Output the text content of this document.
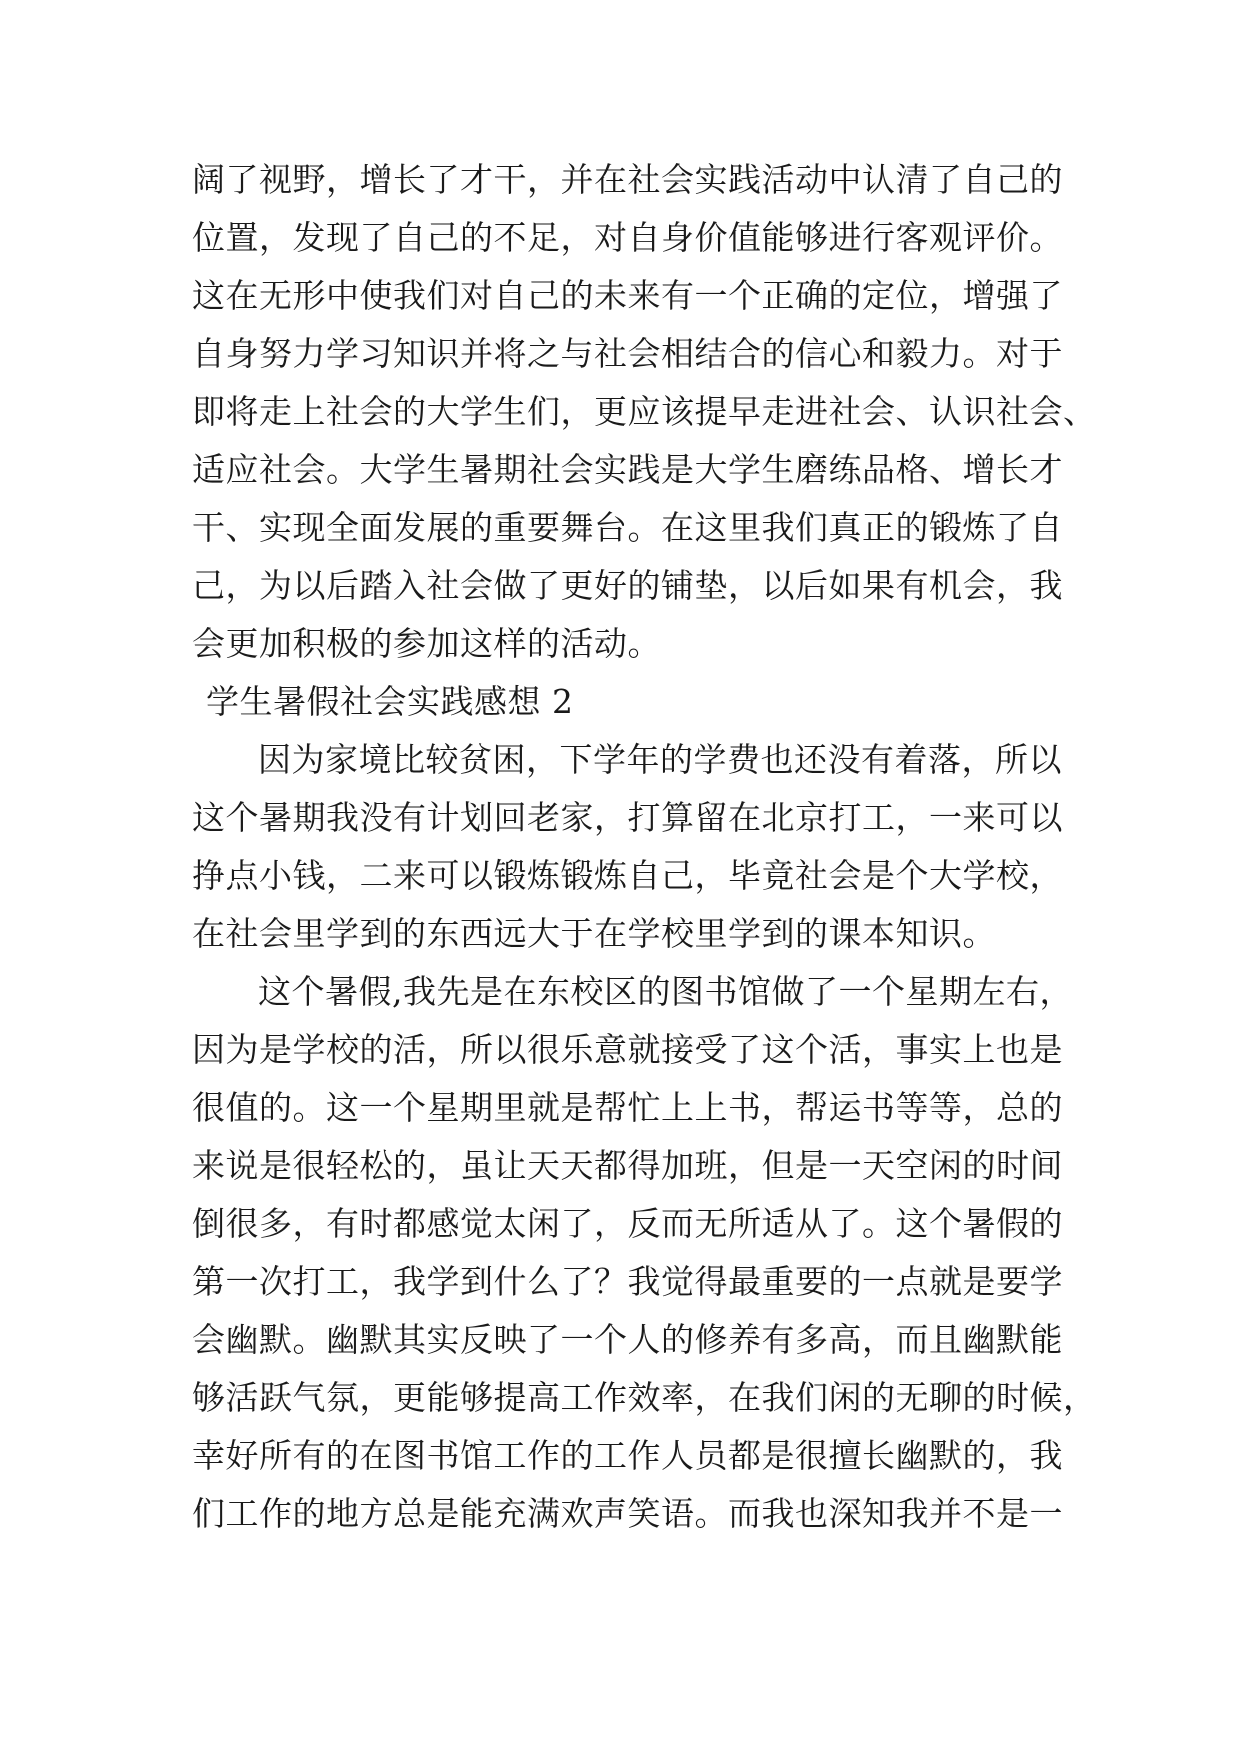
阔了视野，增长了才干，并在社会实践活动中认清了自己的
位置，发现了自己的不足，对自身价值能够进行客观评价。
这在无形中使我们对自己的未来有一个正确的定位，增强了
自身努力学习知识并将之与社会相结合的信心和毅力。对于
即将走上社会的大学生们，更应该提早走进社会、认识社会、
适应社会。大学生暑期社会实践是大学生磨练品格、增长才
干、实现全面发展的重要舞台。在这里我们真正的锻炼了自
己，为以后踏入社会做了更好的铺垫，以后如果有机会，我
会更加积极的参加这样的活动。
学生暑假社会实践感想 2
因为家境比较贫困，下学年的学费也还没有着落，所以
这个暑期我没有计划回老家，打算留在北京打工，一来可以
挣点小钱，二来可以锻炼锻炼自己，毕竟社会是个大学校，
在社会里学到的东西远大于在学校里学到的课本知识。
这个暑假,我先是在东校区的图书馆做了一个星期左右，
因为是学校的活，所以很乐意就接受了这个活，事实上也是
很值的。这一个星期里就是帮忙上上书，帮运书等等，总的
来说是很轻松的，虽让天天都得加班，但是一天空闲的时间
倒很多，有时都感觉太闲了，反而无所适从了。这个暑假的
第一次打工，我学到什么了？我觉得最重要的一点就是要学
会幽默。幽默其实反映了一个人的修养有多高，而且幽默能
够活跃气氛，更能够提高工作效率，在我们闲的无聊的时候，
幸好所有的在图书馆工作的工作人员都是很擅长幽默的，我
们工作的地方总是能充满欢声笑语。而我也深知我并不是一
